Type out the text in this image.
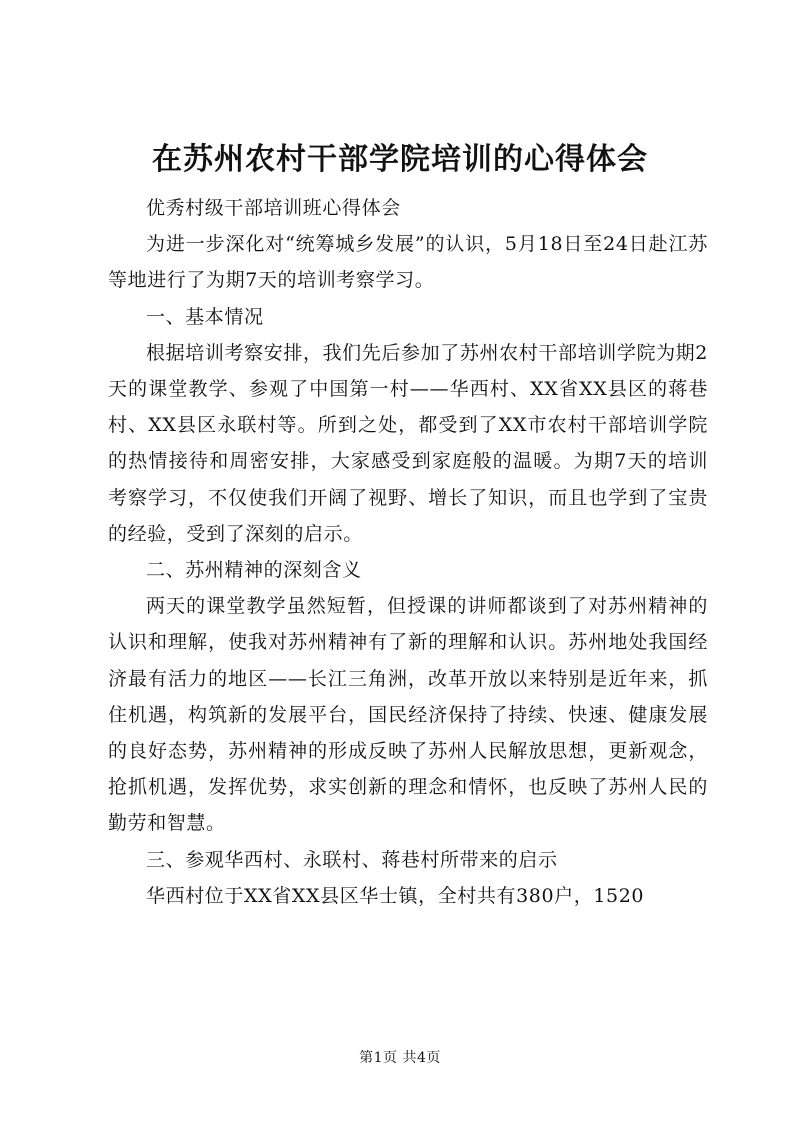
在苏州农村干部学院培训的心得体会

优秀村级干部培训班心得体会

为进一步深化对“统筹城乡发展”的认识，5月18日至24日赴江苏等地进行了为期7天的培训考察学习。

一、基本情况

根据培训考察安排，我们先后参加了苏州农村干部培训学院为期2天的课堂教学、参观了中国第一村——华西村、XX省XX县区的蒋巷村、XX县区永联村等。所到之处，都受到了XX市农村干部培训学院的热情接待和周密安排，大家感受到家庭般的温暖。为期7天的培训考察学习，不仅使我们开阔了视野、增长了知识，而且也学到了宝贵的经验，受到了深刻的启示。

二、苏州精神的深刻含义

两天的课堂教学虽然短暂，但授课的讲师都谈到了对苏州精神的认识和理解，使我对苏州精神有了新的理解和认识。苏州地处我国经济最有活力的地区——长江三角洲，改革开放以来特别是近年来，抓住机遇，构筑新的发展平台，国民经济保持了持续、快速、健康发展的良好态势，苏州精神的形成反映了苏州人民解放思想，更新观念，抢抓机遇，发挥优势，求实创新的理念和情怀，也反映了苏州人民的勤劳和智慧。

三、参观华西村、永联村、蒋巷村所带来的启示

华西村位于XX省XX县区华士镇，全村共有380户，1520

第1页 共4页
